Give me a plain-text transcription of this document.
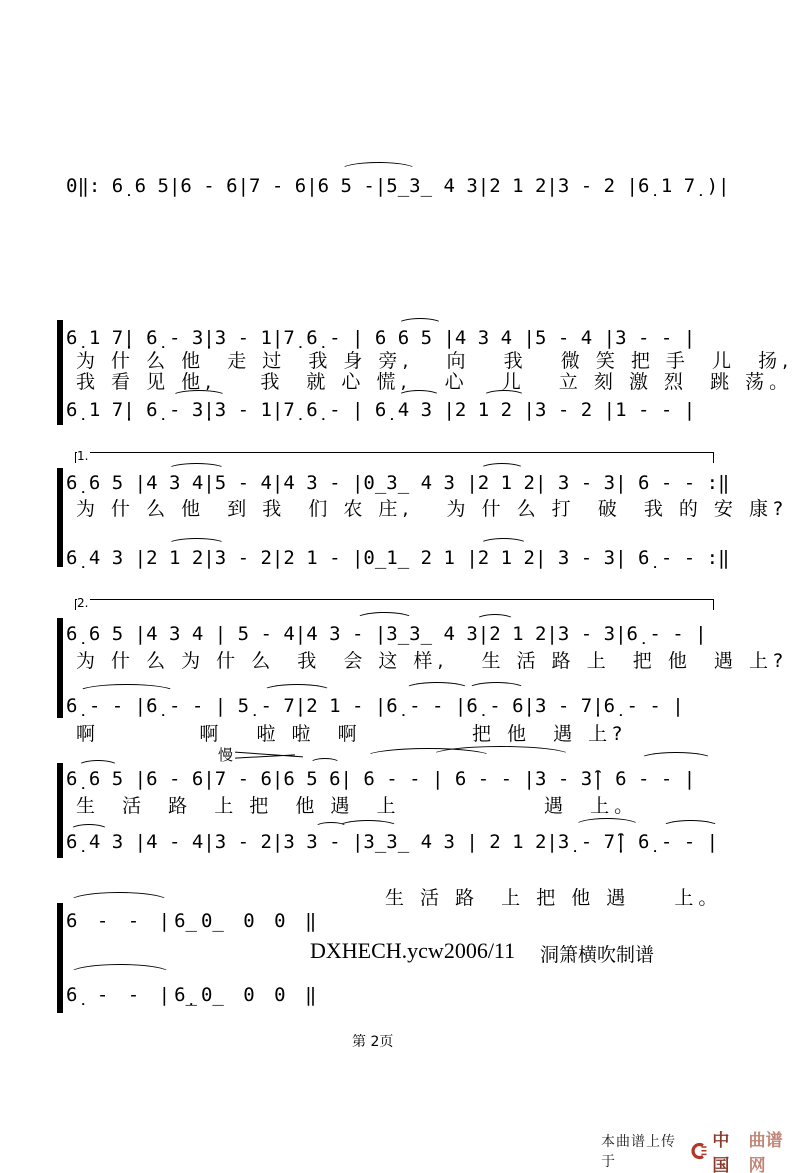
0‖: 6̣ 6 5|6 - 6|7 - 6|6 5 -|5̲3̲ 4 3|2 1 2|3 - 2 |6̣ 1 7̣ )|
6̣ 1 7̣| 6̣ - 3̣|3 - 1|7̣ 6̣ - | 6 6 5 |4 3 4 |5 - 4 |3 - - |
为 什 么 他  走 过  我 身 旁,   向   我   微 笑 把 手  儿  扬,
我 看 见 他,    我  就 心 慌,   心   儿   立 刻 激 烈  跳 荡。
6̣ 1 7̣| 6̣ - 3̣|3 - 1|7̣ 6̣ - | 6̣ 4 3 |2 1 2 |3 - 2 |1 - - |
1.
6̣ 6 5 |4 3 4|5 - 4|4 3 - |0̲3̲ 4 3 |2 1 2| 3 - 3| 6 - - :‖
为 什 么 他  到 我  们 农 庄,   为 什 么 打  破  我 的 安 康?
6̣ 4 3 |2 1 2|3 - 2|2 1 - |0̲1̲ 2 1 |2 1 2| 3 - 3| 6̣ - - :‖
2.
6̣ 6 5 |4 3 4 | 5 - 4|4 3 - |3̲3̲ 4 3|2 1 2|3 - 3|6̣ - - |
为 什 么 为 什 么  我  会 这 样,   生 活 路 上  把 他  遇 上?
6̣ - - |6̣ - - | 5̣ - 7̣|2 1 - |6̣ - - |6̣ - 6̣|3 - 7̣|6̣ - - |
啊         啊   啦 啦  啊          把 他  遇 上?
慢
6̣ 6 5 |6 - 6|7 - 6|6 5 6| 6 - - | 6 - - |3 - 3̑| 6 - - |
生  活  路  上 把  他 遇  上             遇  上。
6̣ 4 3 |4 - 4|3 - 2|3 3 - |3̲3̲ 4 3 | 2 1 2|3̣ - 7̣̑| 6̣ - - |
生 活 路  上 把 他 遇    上。
6 - - |6̲0̲ 0 0 ‖
6̣ - - |6̣̲0̲ 0 0 ‖
DXHECH.ycw2006/11 洞箫横吹制谱
第 2页
本曲谱上传于
中国
曲谱网
